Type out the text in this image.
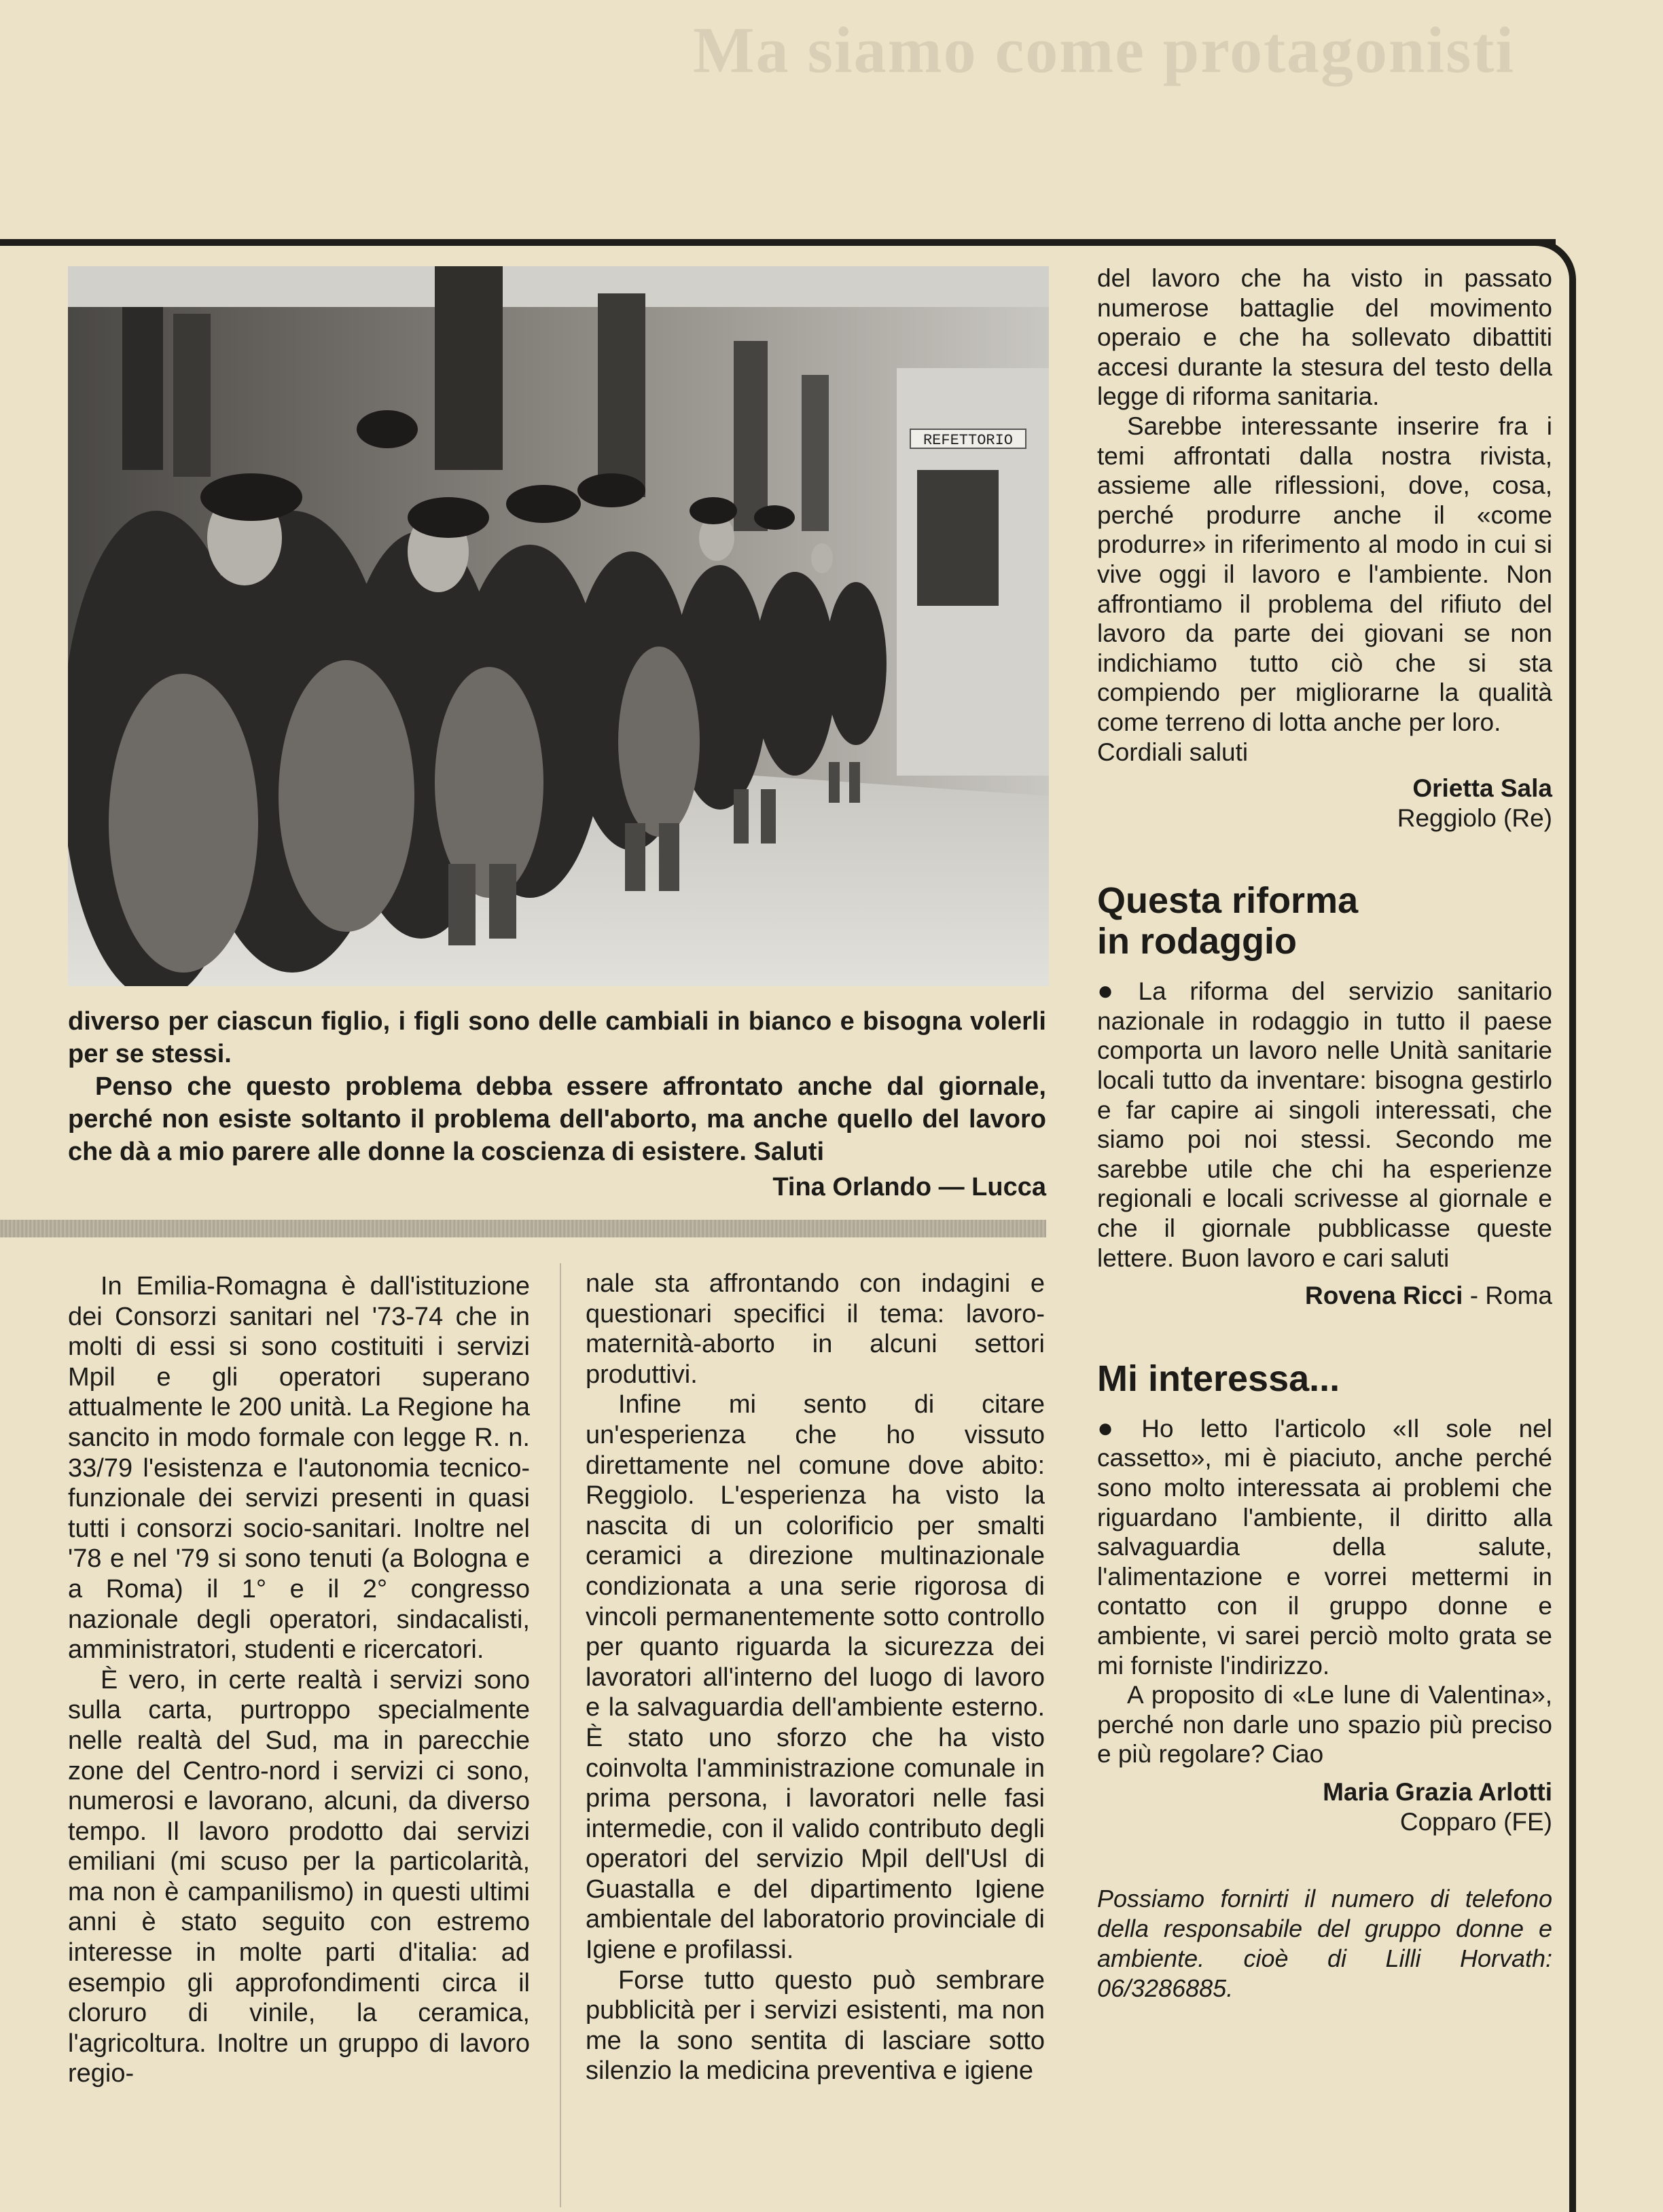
Ma siamo come protagonisti
REFETTORIO

diverso per ciascun figlio, i figli sono delle cambiali in bianco e bisogna volerli per se stessi.

Penso che questo problema debba essere affrontato anche dal giornale, perché non esiste soltanto il problema dell'aborto, ma anche quello del lavoro che dà a mio parere alle donne la coscienza di esistere. Saluti

Tina Orlando — Lucca

In Emilia-Romagna è dall'istituzione dei Consorzi sanitari nel '73-74 che in molti di essi si sono costituiti i servizi Mpil e gli operatori superano attualmente le 200 unità. La Regione ha sancito in modo formale con legge R. n. 33/79 l'esistenza e l'autonomia tecnico-funzionale dei servizi presenti in quasi tutti i consorzi socio-sanitari. Inoltre nel '78 e nel '79 si sono tenuti (a Bologna e a Roma) il 1° e il 2° congresso nazionale degli operatori, sindacalisti, amministratori, studenti e ricercatori.

È vero, in certe realtà i servizi sono sulla carta, purtroppo specialmente nelle realtà del Sud, ma in parecchie zone del Centro-nord i servizi ci sono, numerosi e lavorano, alcuni, da diverso tempo. Il lavoro prodotto dai servizi emiliani (mi scuso per la particolarità, ma non è campanilismo) in questi ultimi anni è stato seguito con estremo interesse in molte parti d'italia: ad esempio gli approfondimenti circa il cloruro di vinile, la ceramica, l'agricoltura. Inoltre un gruppo di lavoro regio-

nale sta affrontando con indagini e questionari specifici il tema: lavoro-maternità-aborto in alcuni settori produttivi.

Infine mi sento di citare un'esperienza che ho vissuto direttamente nel comune dove abito: Reggiolo. L'esperienza ha visto la nascita di un colorificio per smalti ceramici a direzione multinazionale condizionata a una serie rigorosa di vincoli permanentemente sotto controllo per quanto riguarda la sicurezza dei lavoratori all'interno del luogo di lavoro e la salvaguardia dell'ambiente esterno. È stato uno sforzo che ha visto coinvolta l'amministrazione comunale in prima persona, i lavoratori nelle fasi intermedie, con il valido contributo degli operatori del servizio Mpil dell'Usl di Guastalla e del dipartimento Igiene ambientale del laboratorio provinciale di Igiene e profilassi.

Forse tutto questo può sembrare pubblicità per i servizi esistenti, ma non me la sono sentita di lasciare sotto silenzio la medicina preventiva e igiene

del lavoro che ha visto in passato numerose battaglie del movimento operaio e che ha sollevato dibattiti accesi durante la stesura del testo della legge di riforma sanitaria.

Sarebbe interessante inserire fra i temi affrontati dalla nostra rivista, assieme alle riflessioni, dove, cosa, perché produrre anche il «come produrre» in riferimento al modo in cui si vive oggi il lavoro e l'ambiente. Non affrontiamo il problema del rifiuto del lavoro da parte dei giovani se non indichiamo tutto ciò che si sta compiendo per migliorarne la qualità come terreno di lotta anche per loro.

Cordiali saluti

Orietta Sala
Reggiolo (Re)
Questa riforma
in rodaggio

● La riforma del servizio sanitario nazionale in rodaggio in tutto il paese comporta un lavoro nelle Unità sanitarie locali tutto da inventare: bisogna gestirlo e far capire ai singoli interessati, che siamo poi noi stessi. Secondo me sarebbe utile che chi ha esperienze regionali e locali scrivesse al giornale e che il giornale pubblicasse queste lettere. Buon lavoro e cari saluti

Rovena Ricci - Roma
Mi interessa...

● Ho letto l'articolo «Il sole nel cassetto», mi è piaciuto, anche perché sono molto interessata ai problemi che riguardano l'ambiente, il diritto alla salvaguardia della salute, l'alimentazione e vorrei mettermi in contatto con il gruppo donne e ambiente, vi sarei perciò molto grata se mi forniste l'indirizzo.

A proposito di «Le lune di Valentina», perché non darle uno spazio più preciso e più regolare? Ciao

Maria Grazia Arlotti
Copparo (FE)

Possiamo fornirti il numero di telefono della responsabile del gruppo donne e ambiente. cioè di Lilli Horvath: 06/3286885.
